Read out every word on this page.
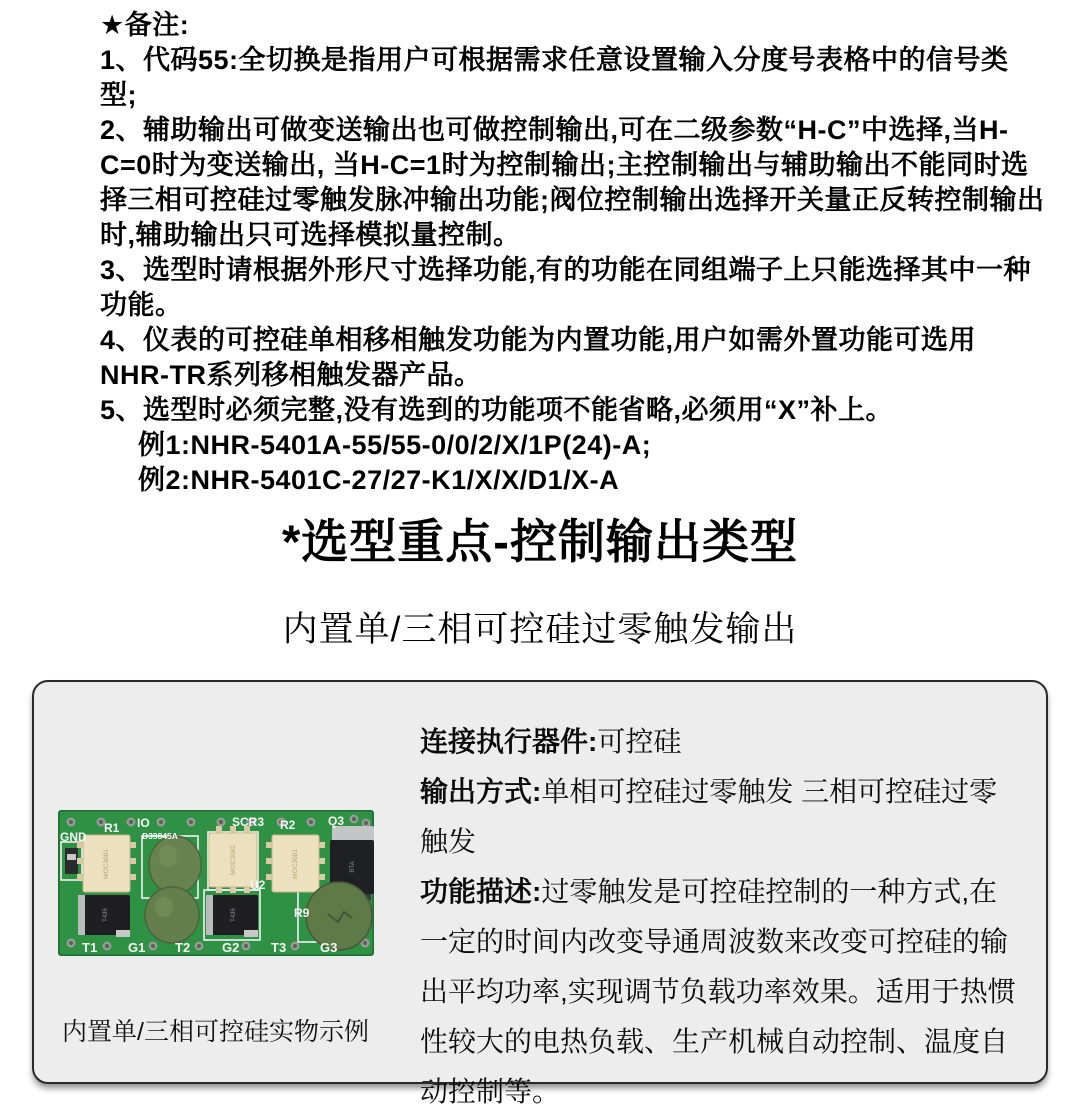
★备注:
1、代码55:全切换是指用户可根据需求任意设置输入分度号表格中的信号类型;
2、辅助输出可做变送输出也可做控制输出,可在二级参数“H-C”中选择,当H-C=0时为变送输出, 当H-C=1时为控制输出;主控制输出与辅助输出不能同时选择三相可控硅过零触发脉冲输出功能;阀位控制输出选择开关量正反转控制输出时,辅助输出只可选择模拟量控制。
3、选型时请根据外形尺寸选择功能,有的功能在同组端子上只能选择其中一种功能。
4、仪表的可控硅单相移相触发功能为内置功能,用户如需外置功能可选用NHR-TR系列移相触发器产品。
5、选型时必须完整,没有选到的功能项不能省略,必须用“X”补上。
例1:NHR-5401A-55/55-0/0/2/X/1P(24)-A;
例2:NHR-5401C-27/27-K1/X/X/D1/X-A
*选型重点-控制输出类型
内置单/三相可控硅过零触发输出
MOC3081	MOC3081	MOC3081
T435	T435
BTA
GND
R1 IO
D39845A
SCR3 R2	Q3
U2
R9
T1 G1 T2 G2 T3	G3
内置单/三相可控硅实物示例

连接执行器件:可控硅

输出方式:单相可控硅过零触发 三相可控硅过零触发

功能描述:过零触发是可控硅控制的一种方式,在一定的时间内改变导通周波数来改变可控硅的输出平均功率,实现调节负载功率效果。适用于热惯性较大的电热负载、生产机械自动控制、温度自动控制等。
